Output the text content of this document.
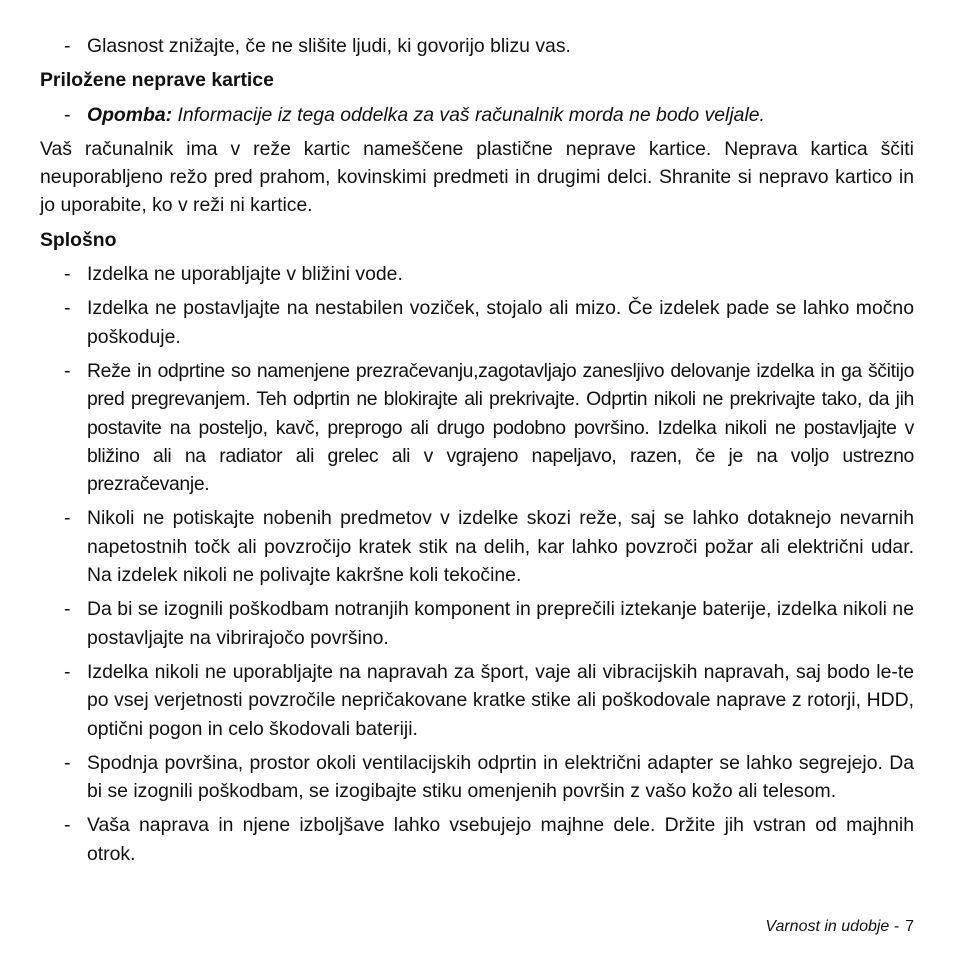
- Glasnost znižajte, če ne slišite ljudi, ki govorijo blizu vas.
Priložene neprave kartice
- Opomba: Informacije iz tega oddelka za vaš računalnik morda ne bodo veljale.
Vaš računalnik ima v reže kartic nameščene plastične neprave kartice. Neprava kartica ščiti neuporabljeno režo pred prahom, kovinskimi predmeti in drugimi delci. Shranite si nepravo kartico in jo uporabite, ko v reži ni kartice.
Splošno
- Izdelka ne uporabljajte v bližini vode.
- Izdelka ne postavljajte na nestabilen voziček, stojalo ali mizo. Če izdelek pade se lahko močno poškoduje.
- Reže in odprtine so namenjene prezračevanju,zagotavljajo zanesljivo delovanje izdelka in ga ščitijo pred pregrevanjem. Teh odprtin ne blokirajte ali prekrivajte. Odprtin nikoli ne prekrivajte tako, da jih postavite na posteljo, kavč, preprogo ali drugo podobno površino. Izdelka nikoli ne postavljajte v bližino ali na radiator ali grelec ali v vgrajeno napeljavo, razen, če je na voljo ustrezno prezračevanje.
- Nikoli ne potiskajte nobenih predmetov v izdelke skozi reže, saj se lahko dotaknejo nevarnih napetostnih točk ali povzročijo kratek stik na delih, kar lahko povzroči požar ali električni udar. Na izdelek nikoli ne polivajte kakršne koli tekočine.
- Da bi se izognili poškodbam notranjih komponent in preprečili iztekanje baterije, izdelka nikoli ne postavljajte na vibrirajočo površino.
- Izdelka nikoli ne uporabljajte na napravah za šport, vaje ali vibracijskih napravah, saj bodo le-te po vsej verjetnosti povzročile nepričakovane kratke stike ali poškodovale naprave z rotorji, HDD, optični pogon in celo škodovali bateriji.
- Spodnja površina, prostor okoli ventilacijskih odprtin in električni adapter se lahko segrejejo. Da bi se izognili poškodbam, se izogibajte stiku omenjenih površin z vašo kožo ali telesom.
- Vaša naprava in njene izboljšave lahko vsebujejo majhne dele. Držite jih vstran od majhnih otrok.
Varnost in udobje - 7
